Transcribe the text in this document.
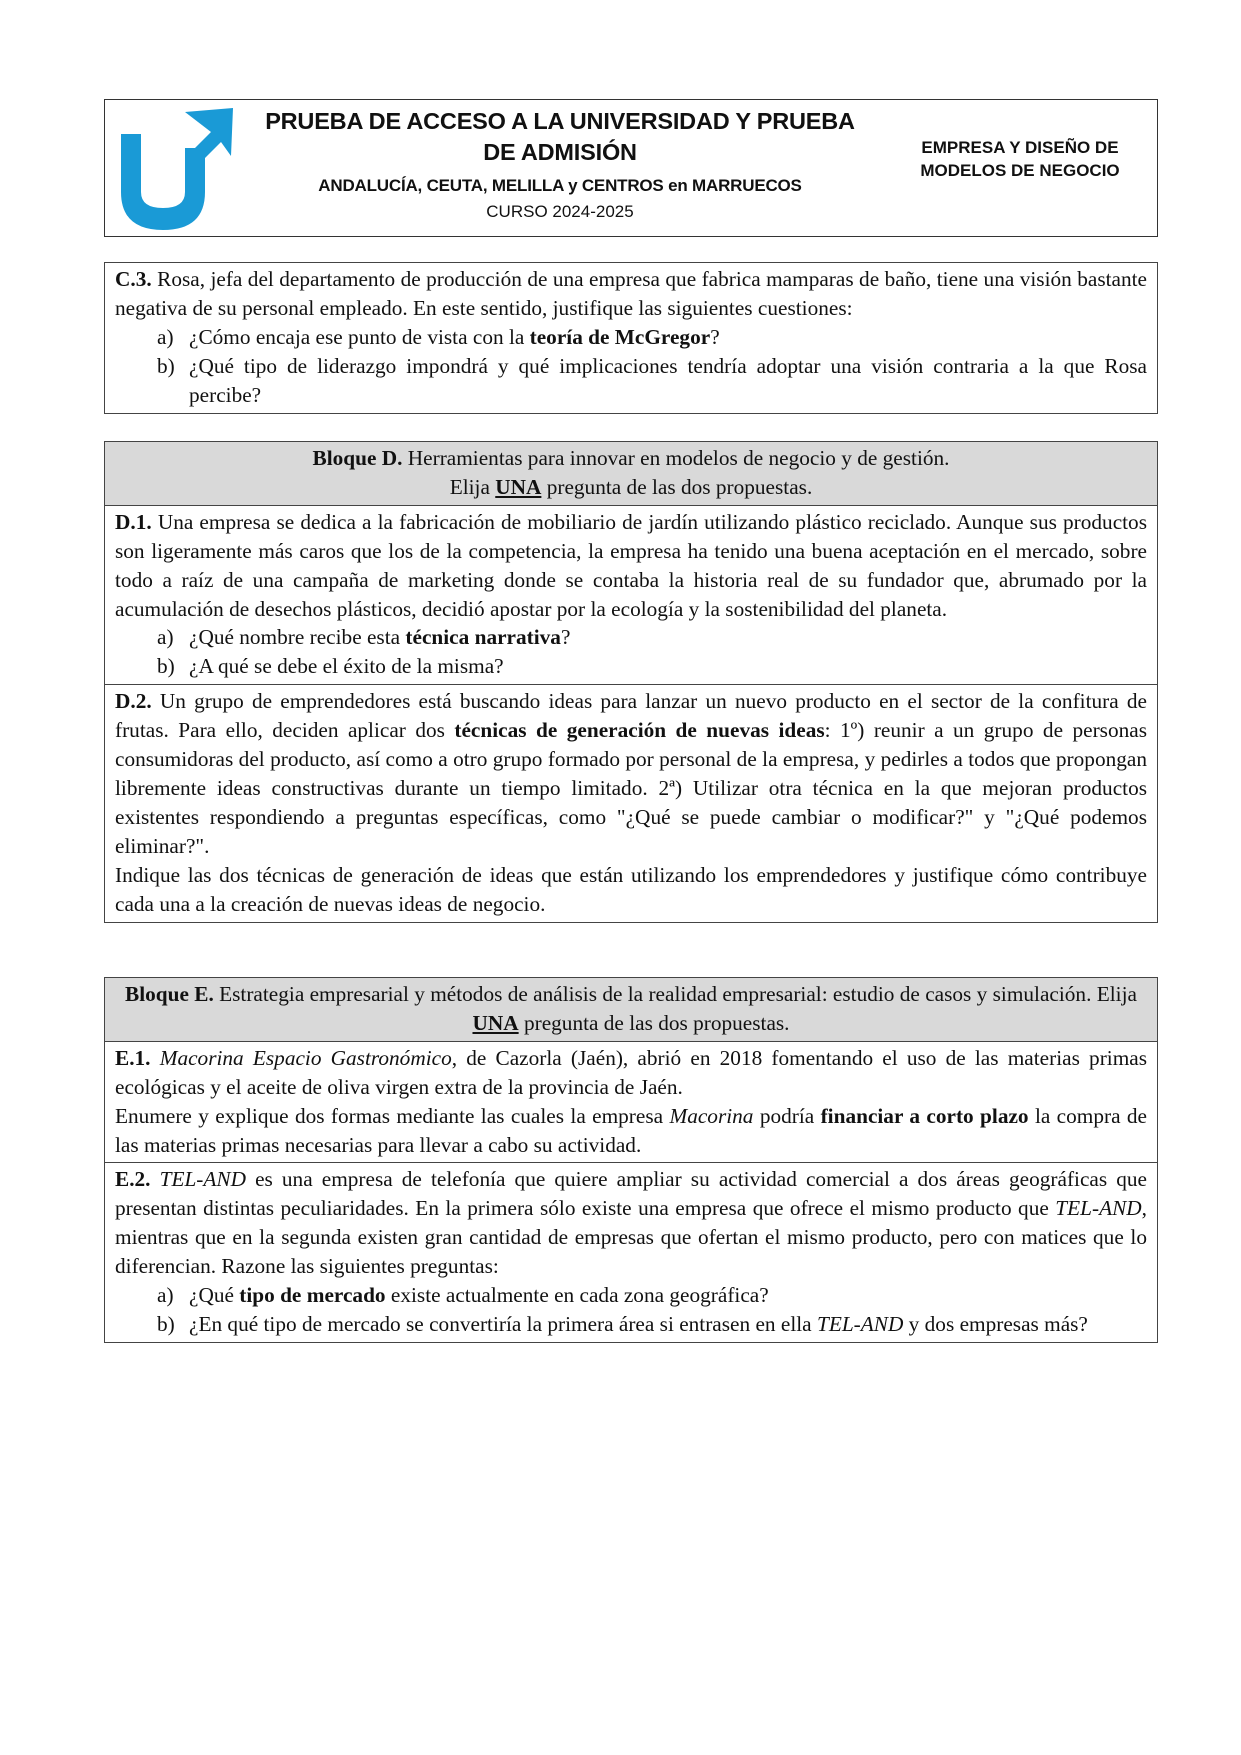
PRUEBA DE ACCESO A LA UNIVERSIDAD Y PRUEBA DE ADMISIÓN
ANDALUCÍA, CEUTA, MELILLA y CENTROS en MARRUECOS
CURSO 2024-2025
EMPRESA Y DISEÑO DE MODELOS DE NEGOCIO

C.3. Rosa, jefa del departamento de producción de una empresa que fabrica mamparas de baño, tiene una visión bastante negativa de su personal empleado. En este sentido, justifique las siguientes cuestiones:

a) ¿Cómo encaja ese punto de vista con la teoría de McGregor?
b) ¿Qué tipo de liderazgo impondrá y qué implicaciones tendría adoptar una visión contraria a la que Rosa percibe?

Bloque D. Herramientas para innovar en modelos de negocio y de gestión.

Elija UNA pregunta de las dos propuestas.

D.1. Una empresa se dedica a la fabricación de mobiliario de jardín utilizando plástico reciclado. Aunque sus productos son ligeramente más caros que los de la competencia, la empresa ha tenido una buena aceptación en el mercado, sobre todo a raíz de una campaña de marketing donde se contaba la historia real de su fundador que, abrumado por la acumulación de desechos plásticos, decidió apostar por la ecología y la sostenibilidad del planeta.

a) ¿Qué nombre recibe esta técnica narrativa?
b) ¿A qué se debe el éxito de la misma?

D.2. Un grupo de emprendedores está buscando ideas para lanzar un nuevo producto en el sector de la confitura de frutas. Para ello, deciden aplicar dos técnicas de generación de nuevas ideas: 1º) reunir a un grupo de personas consumidoras del producto, así como a otro grupo formado por personal de la empresa, y pedirles a todos que propongan libremente ideas constructivas durante un tiempo limitado. 2ª) Utilizar otra técnica en la que mejoran productos existentes respondiendo a preguntas específicas, como "¿Qué se puede cambiar o modificar?" y "¿Qué podemos eliminar?".

Indique las dos técnicas de generación de ideas que están utilizando los emprendedores y justifique cómo contribuye cada una a la creación de nuevas ideas de negocio.

Bloque E. Estrategia empresarial y métodos de análisis de la realidad empresarial: estudio de casos y simulación. Elija UNA pregunta de las dos propuestas.

E.1. Macorina Espacio Gastronómico, de Cazorla (Jaén), abrió en 2018 fomentando el uso de las materias primas ecológicas y el aceite de oliva virgen extra de la provincia de Jaén.

Enumere y explique dos formas mediante las cuales la empresa Macorina podría financiar a corto plazo la compra de las materias primas necesarias para llevar a cabo su actividad.

E.2. TEL-AND es una empresa de telefonía que quiere ampliar su actividad comercial a dos áreas geográficas que presentan distintas peculiaridades. En la primera sólo existe una empresa que ofrece el mismo producto que TEL-AND, mientras que en la segunda existen gran cantidad de empresas que ofertan el mismo producto, pero con matices que lo diferencian. Razone las siguientes preguntas:

a) ¿Qué tipo de mercado existe actualmente en cada zona geográfica?
b) ¿En qué tipo de mercado se convertiría la primera área si entrasen en ella TEL-AND y dos empresas más?
